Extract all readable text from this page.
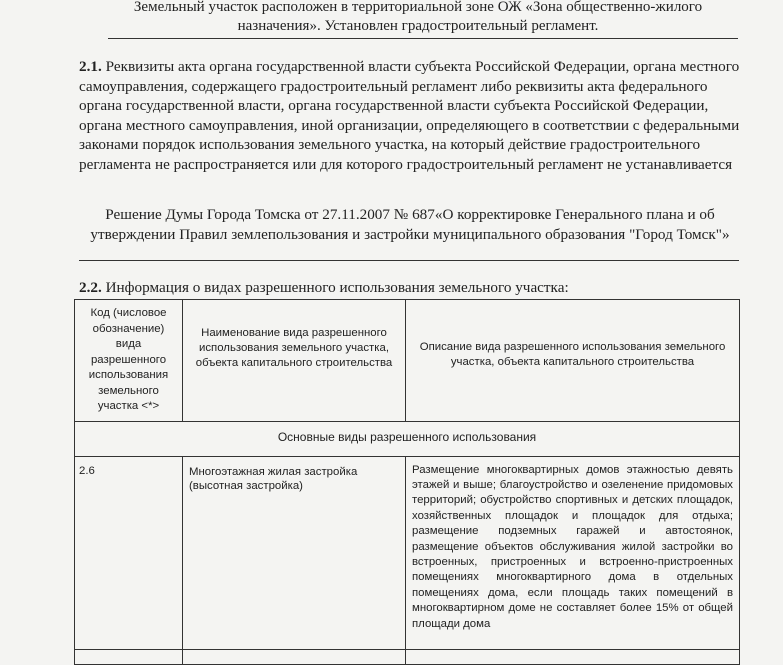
Земельный участок расположен в территориальной зоне ОЖ «Зона общественно-жилого назначения». Установлен градостроительный регламент.
2.1. Реквизиты акта органа государственной власти субъекта Российской Федерации, органа местного самоуправления, содержащего градостроительный регламент либо реквизиты акта федерального органа государственной власти, органа государственной власти субъекта Российской Федерации, органа местного самоуправления, иной организации, определяющего в соответствии с федеральными законами порядок использования земельного участка, на который действие градостроительного регламента не распространяется или для которого градостроительный регламент не устанавливается
Решение Думы Города Томска от 27.11.2007 № 687«О корректировке Генерального плана и об утверждении Правил землепользования и застройки муниципального образования "Город Томск"»
2.2. Информация о видах разрешенного использования земельного участка:
Код (числовое обозначение) вида разрешенного использования земельного участка <*>	Наименование вида разрешенного использования земельного участка, объекта капитального строительства	Описание вида разрешенного использования земельного участка, объекта капитального строительства
Основные виды разрешенного использования		
2.6	Многоэтажная жилая застройка (высотная застройка)	Размещение многоквартирных домов этажностью девять этажей и выше; благоустройство и озеленение придомовых территорий; обустройство спортивных и детских площадок, хозяйственных площадок и площадок для отдыха; размещение подземных гаражей и автостоянок, размещение объектов обслуживания жилой застройки во встроенных, пристроенных и встроенно-пристроенных помещениях многоквартирного дома в отдельных помещениях дома, если площадь таких помещений в многоквартирном доме не составляет более 15% от общей площади дома
